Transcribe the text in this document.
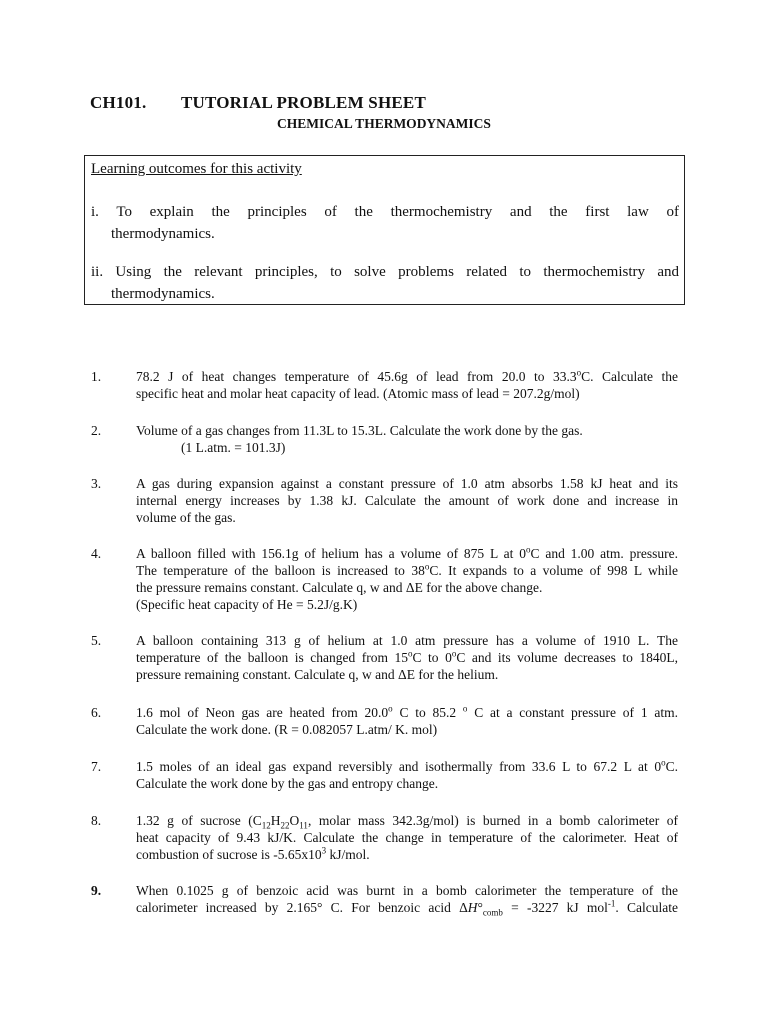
CH101. TUTORIAL PROBLEM SHEET
CHEMICAL THERMODYNAMICS
Learning outcomes for this activity

i. To explain the principles of the thermochemistry and the first law of

thermodynamics.

ii. Using the relevant principles, to solve problems related to thermochemistry and

thermodynamics.

1.	78.2 J of heat changes temperature of 45.6g of lead from 20.0 to 33.3$^o$C. Calculate the

specific heat and molar heat capacity of lead. (Atomic mass of lead = 207.2g/mol)

2.	Volume of a gas changes from 11.3L to 15.3L. Calculate the work done by the gas.

(1 L.atm. = 101.3J)

3.	A gas during expansion against a constant pressure of 1.0 atm absorbs 1.58 kJ heat and its

internal energy increases by 1.38 kJ. Calculate the amount of work done and increase in

volume of the gas.

4.	A balloon filled with 156.1g of helium has a volume of 875 L at 0$^o$C and 1.00 atm. pressure.

The temperature of the balloon is increased to 38$^o$C. It expands to a volume of 998 L while

the pressure remains constant. Calculate q, w and ΔE for the above change.

(Specific heat capacity of He = 5.2J/g.K)

5.	A balloon containing 313 g of helium at 1.0 atm pressure has a volume of 1910 L. The

temperature of the balloon is changed from 15$^o$C to 0$^o$C and its volume decreases to 1840L,

pressure remaining constant. Calculate q, w and ΔE for the helium.

6.	1.6 mol of Neon gas are heated from 20.0$^o$ C to 85.2 $^o$ C at a constant pressure of 1 atm.

Calculate the work done. (R = 0.082057 L.atm/ K. mol)

7.	1.5 moles of an ideal gas expand reversibly and isothermally from 33.6 L to 67.2 L at 0$^o$C.

Calculate the work done by the gas and entropy change.

8.	1.32 g of sucrose ($C_{12}H_{22}O_{11}$, molar mass 342.3g/mol) is burned in a bomb calorimeter of

heat capacity of 9.43 kJ/K. Calculate the change in temperature of the calorimeter. Heat of

combustion of sucrose is $-5.65x10^3$ kJ/mol.

9.	When 0.1025 g of benzoic acid was burnt in a bomb calorimeter the temperature of the

calorimeter increased by 2.165° C. For benzoic acid $\Delta H^\circ_{comb} = -3227$ kJ mol$^{-1}$. Calculate
